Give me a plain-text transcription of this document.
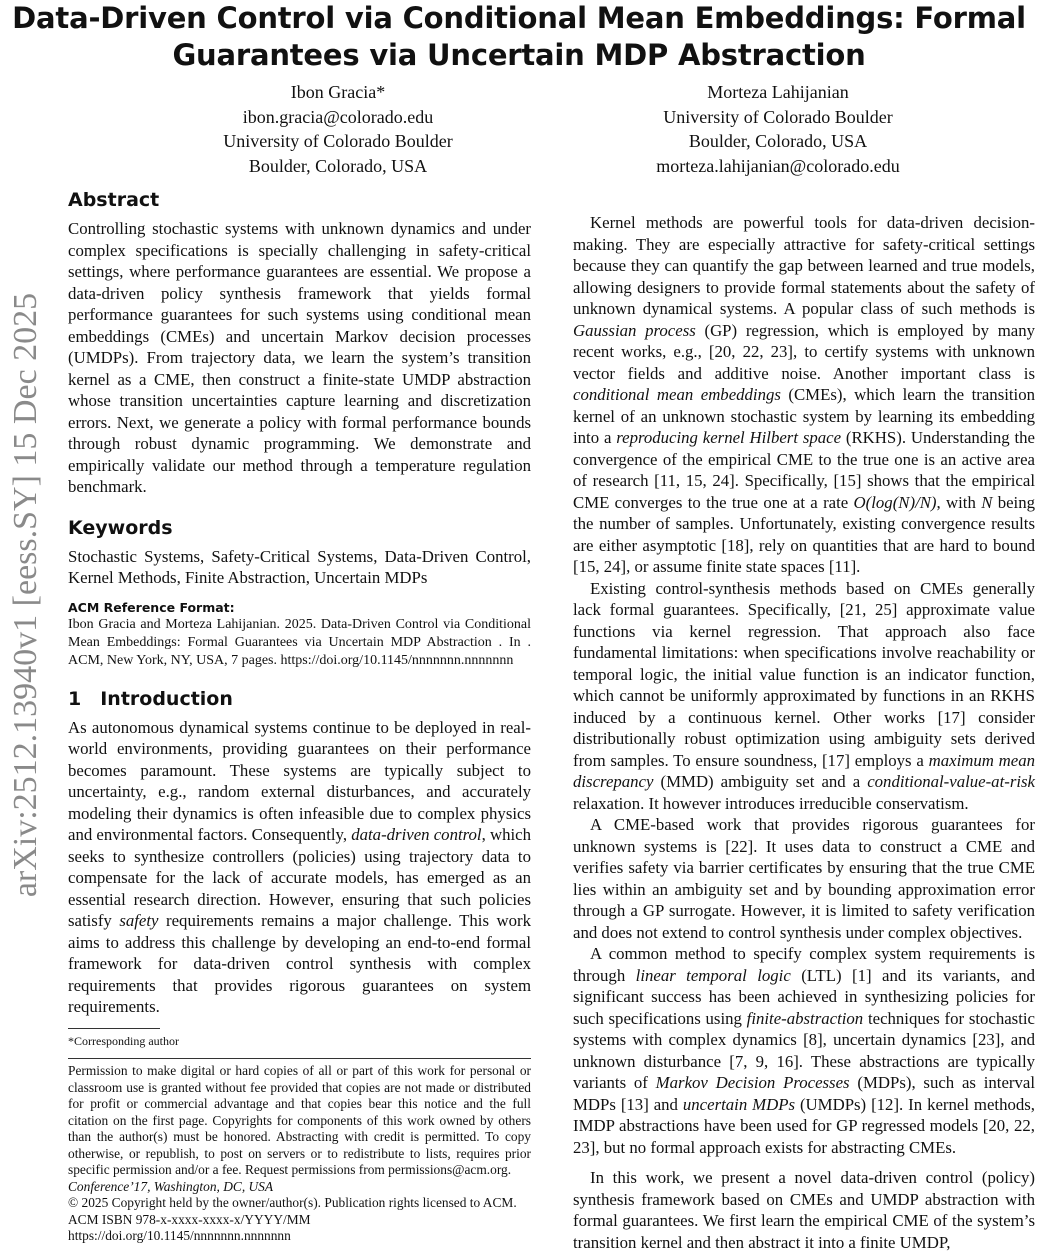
Data-Driven Control via Conditional Mean Embeddings: Formal
Guarantees via Uncertain MDP Abstraction
Ibon Gracia*
ibon.gracia@colorado.edu
University of Colorado Boulder
Boulder, Colorado, USA
Morteza Lahijanian
University of Colorado Boulder
Boulder, Colorado, USA
morteza.lahijanian@colorado.edu
arXiv:2512.13940v1 [eess.SY] 15 Dec 2025
Abstract

Controlling stochastic systems with unknown dynamics and under complex specifications is specially challenging in safety-critical settings, where performance guarantees are essential. We propose a data-driven policy synthesis framework that yields formal performance guarantees for such systems using conditional mean embeddings (CMEs) and uncertain Markov decision processes (UMDPs). From trajectory data, we learn the system’s transition kernel as a CME, then construct a finite-state UMDP abstraction whose transition uncertainties capture learning and discretization errors. Next, we generate a policy with formal performance bounds through robust dynamic programming. We demonstrate and empirically validate our method through a temperature regulation benchmark.

Keywords

Stochastic Systems, Safety-Critical Systems, Data-Driven Control, Kernel Methods, Finite Abstraction, Uncertain MDPs

ACM Reference Format:

Ibon Gracia and Morteza Lahijanian. 2025. Data-Driven Control via Conditional Mean Embeddings: Formal Guarantees via Uncertain MDP Abstraction . In . ACM, New York, NY, USA, 7 pages. https://doi.org/10.1145/nnnnnnn.nnnnnnn

1 Introduction

As autonomous dynamical systems continue to be deployed in real-world environments, providing guarantees on their performance becomes paramount. These systems are typically subject to uncertainty, e.g., random external disturbances, and accurately modeling their dynamics is often infeasible due to complex physics and environmental factors. Consequently, data-driven control, which seeks to synthesize controllers (policies) using trajectory data to compensate for the lack of accurate models, has emerged as an essential research direction. However, ensuring that such policies satisfy safety requirements remains a major challenge. This work aims to address this challenge by developing an end-to-end formal framework for data-driven control synthesis with complex requirements that provides rigorous guarantees on system requirements.

*Corresponding author

Permission to make digital or hard copies of all or part of this work for personal or classroom use is granted without fee provided that copies are not made or distributed for profit or commercial advantage and that copies bear this notice and the full citation on the first page. Copyrights for components of this work owned by others than the author(s) must be honored. Abstracting with credit is permitted. To copy otherwise, or republish, to post on servers or to redistribute to lists, requires prior specific permission and/or a fee. Request permissions from permissions@acm.org.

Conference’17, Washington, DC, USA

© 2025 Copyright held by the owner/author(s). Publication rights licensed to ACM.

ACM ISBN 978-x-xxxx-xxxx-x/YYYY/MM

https://doi.org/10.1145/nnnnnnn.nnnnnnn

Kernel methods are powerful tools for data-driven decision-making. They are especially attractive for safety-critical settings because they can quantify the gap between learned and true models, allowing designers to provide formal statements about the safety of unknown dynamical systems. A popular class of such methods is Gaussian process (GP) regression, which is employed by many recent works, e.g., [20, 22, 23], to certify systems with unknown vector fields and additive noise. Another important class is conditional mean embeddings (CMEs), which learn the transition kernel of an unknown stochastic system by learning its embedding into a reproducing kernel Hilbert space (RKHS). Understanding the convergence of the empirical CME to the true one is an active area of research [11, 15, 24]. Specifically, [15] shows that the empirical CME converges to the true one at a rate O(log(N)/N), with N being the number of samples. Unfortunately, existing convergence results are either asymptotic [18], rely on quantities that are hard to bound [15, 24], or assume finite state spaces [11].

Existing control-synthesis methods based on CMEs generally lack formal guarantees. Specifically, [21, 25] approximate value functions via kernel regression. That approach also face fundamental limitations: when specifications involve reachability or temporal logic, the initial value function is an indicator function, which cannot be uniformly approximated by functions in an RKHS induced by a continuous kernel. Other works [17] consider distributionally robust optimization using ambiguity sets derived from samples. To ensure soundness, [17] employs a maximum mean discrepancy (MMD) ambiguity set and a conditional-value-at-risk relaxation. It however introduces irreducible conservatism.

A CME-based work that provides rigorous guarantees for unknown systems is [22]. It uses data to construct a CME and verifies safety via barrier certificates by ensuring that the true CME lies within an ambiguity set and by bounding approximation error through a GP surrogate. However, it is limited to safety verification and does not extend to control synthesis under complex objectives.

A common method to specify complex system requirements is through linear temporal logic (LTL) [1] and its variants, and significant success has been achieved in synthesizing policies for such specifications using finite-abstraction techniques for stochastic systems with complex dynamics [8], uncertain dynamics [23], and unknown disturbance [7, 9, 16]. These abstractions are typically variants of Markov Decision Processes (MDPs), such as interval MDPs [13] and uncertain MDPs (UMDPs) [12]. In kernel methods, IMDP abstractions have been used for GP regressed models [20, 22, 23], but no formal approach exists for abstracting CMEs.

In this work, we present a novel data-driven control (policy) synthesis framework based on CMEs and UMDP abstraction with formal guarantees. We first learn the empirical CME of the system’s transition kernel and then abstract it into a finite UMDP,
